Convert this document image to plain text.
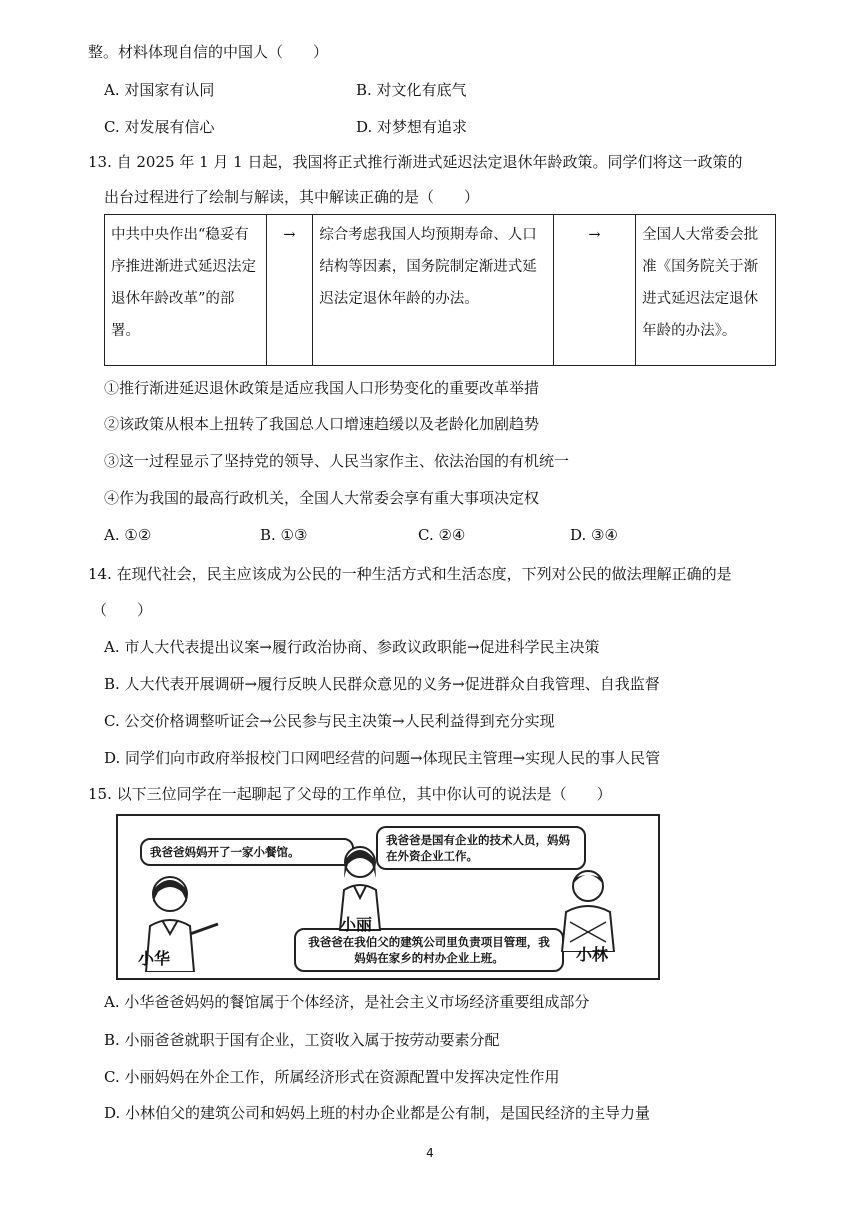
整。材料体现自信的中国人（　　）
A. 对国家有认同	B. 对文化有底气
C. 对发展有信心	D. 对梦想有追求
13. 自 2025 年 1 月 1 日起，我国将正式推行渐进式延迟法定退休年龄政策。同学们将这一政策的
出台过程进行了绘制与解读，其中解读正确的是（　　）
中共中央作出“稳妥有序推进渐进式延迟法定退休年龄改革”的部署。	→	综合考虑我国人均预期寿命、人口结构等因素，国务院制定渐进式延迟法定退休年龄的办法。	→	全国人大常委会批准《国务院关于渐进式延迟法定退休年龄的办法》。
①推行渐进延迟退休政策是适应我国人口形势变化的重要改革举措
②该政策从根本上扭转了我国总人口增速趋缓以及老龄化加剧趋势
③这一过程显示了坚持党的领导、人民当家作主、依法治国的有机统一
④作为我国的最高行政机关，全国人大常委会享有重大事项决定权
A. ①②	B. ①③	C. ②④	D. ③④
14. 在现代社会，民主应该成为公民的一种生活方式和生活态度，下列对公民的做法理解正确的是
（　　）
A. 市人大代表提出议案→履行政治协商、参政议政职能→促进科学民主决策
B. 人大代表开展调研→履行反映人民群众意见的义务→促进群众自我管理、自我监督
C. 公交价格调整听证会→公民参与民主决策→人民利益得到充分实现
D. 同学们向市政府举报校门口网吧经营的问题→体现民主管理→实现人民的事人民管
15. 以下三位同学在一起聊起了父母的工作单位，其中你认可的说法是（　　）
我爸爸妈妈开了一家小餐馆。
我爸爸是国有企业的技术人员，妈妈在外资企业工作。
我爸爸在我伯父的建筑公司里负责项目管理，我妈妈在家乡的村办企业上班。
小华
小丽
小林
A. 小华爸爸妈妈的餐馆属于个体经济，是社会主义市场经济重要组成部分
B. 小丽爸爸就职于国有企业，工资收入属于按劳动要素分配
C. 小丽妈妈在外企工作，所属经济形式在资源配置中发挥决定性作用
D. 小林伯父的建筑公司和妈妈上班的村办企业都是公有制，是国民经济的主导力量
4
